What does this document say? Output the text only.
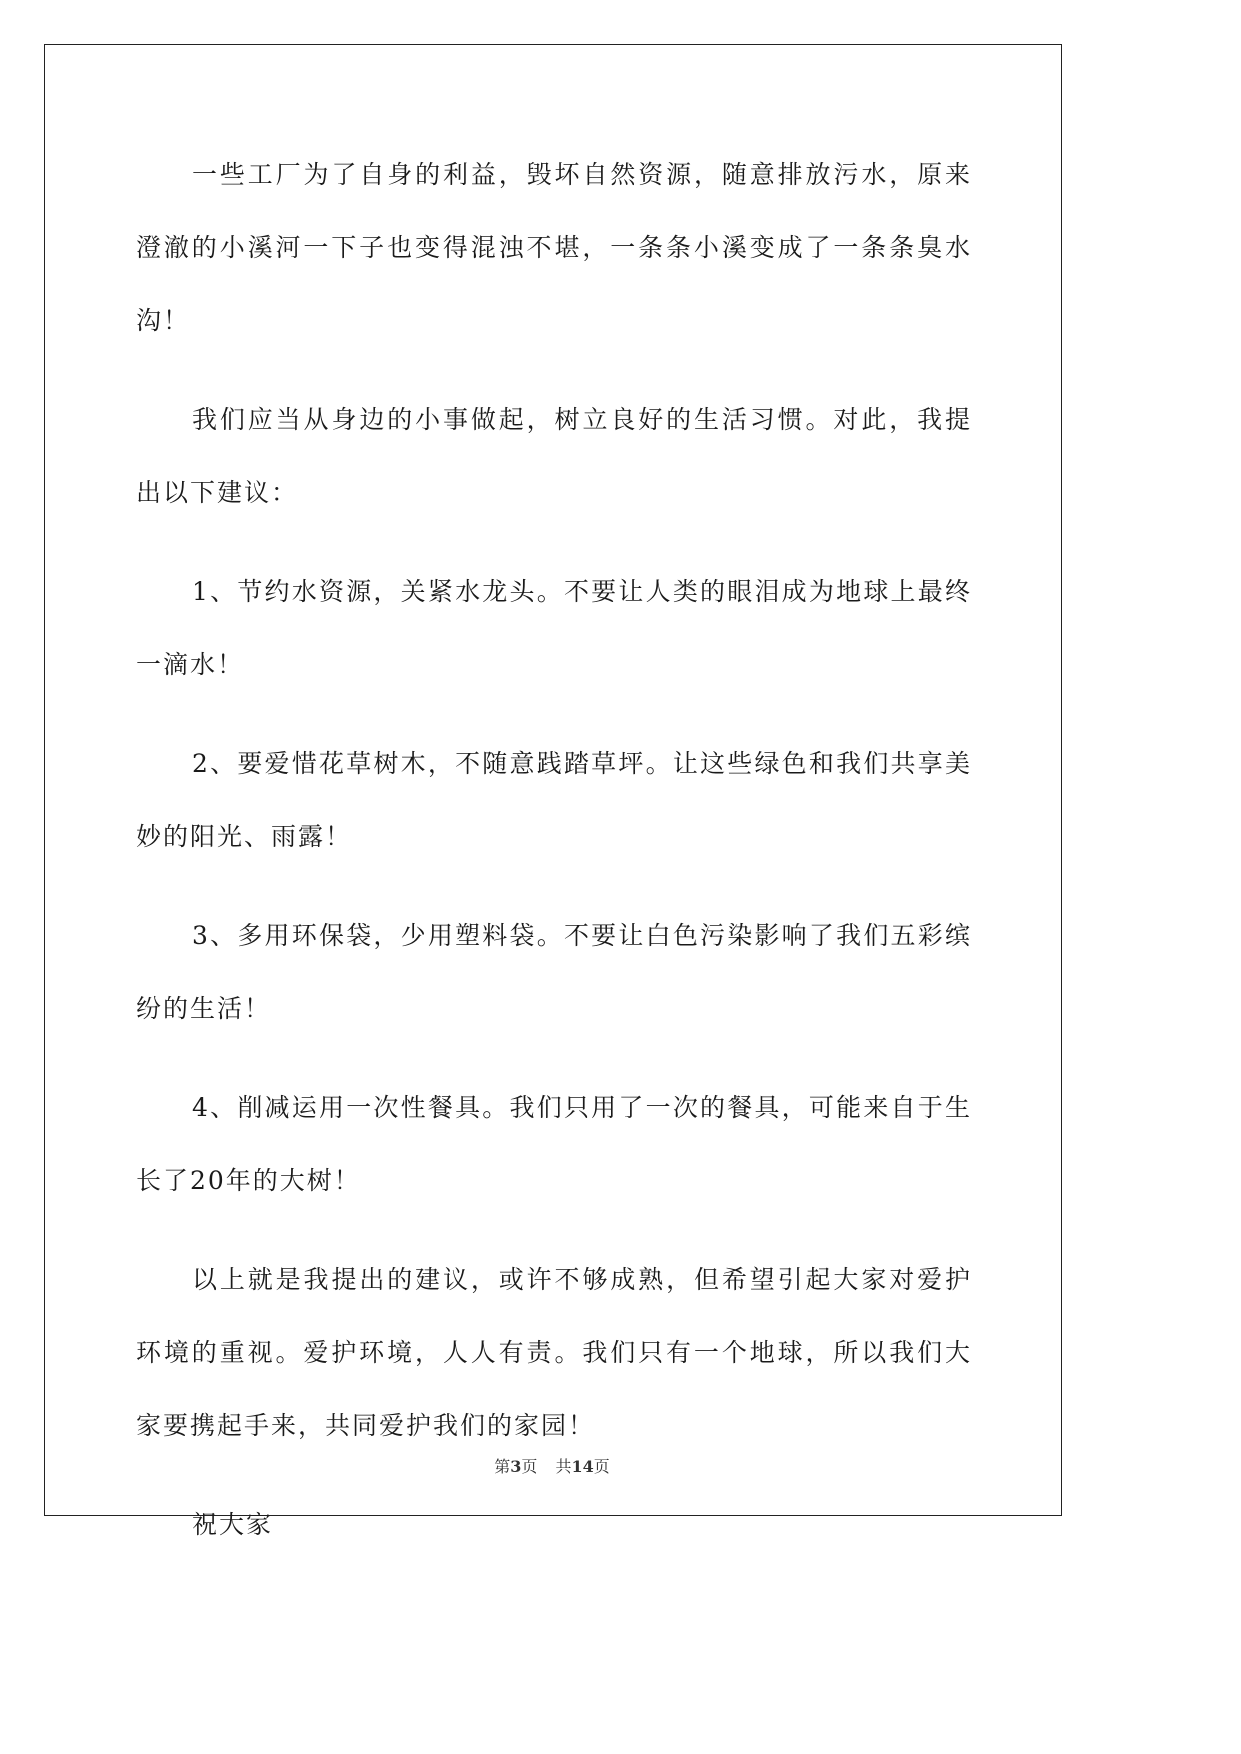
一些工厂为了自身的利益，毁坏自然资源，随意排放污水，原来澄澈的小溪河一下子也变得混浊不堪，一条条小溪变成了一条条臭水沟！

我们应当从身边的小事做起，树立良好的生活习惯。对此，我提出以下建议：

1、节约水资源，关紧水龙头。不要让人类的眼泪成为地球上最终一滴水！

2、要爱惜花草树木，不随意践踏草坪。让这些绿色和我们共享美妙的阳光、雨露！

3、多用环保袋，少用塑料袋。不要让白色污染影响了我们五彩缤纷的生活！

4、削减运用一次性餐具。我们只用了一次的餐具，可能来自于生长了20年的大树！

以上就是我提出的建议，或许不够成熟，但希望引起大家对爱护环境的重视。爱护环境，人人有责。我们只有一个地球，所以我们大家要携起手来，共同爱护我们的家园！

祝大家

第3页 共14页
